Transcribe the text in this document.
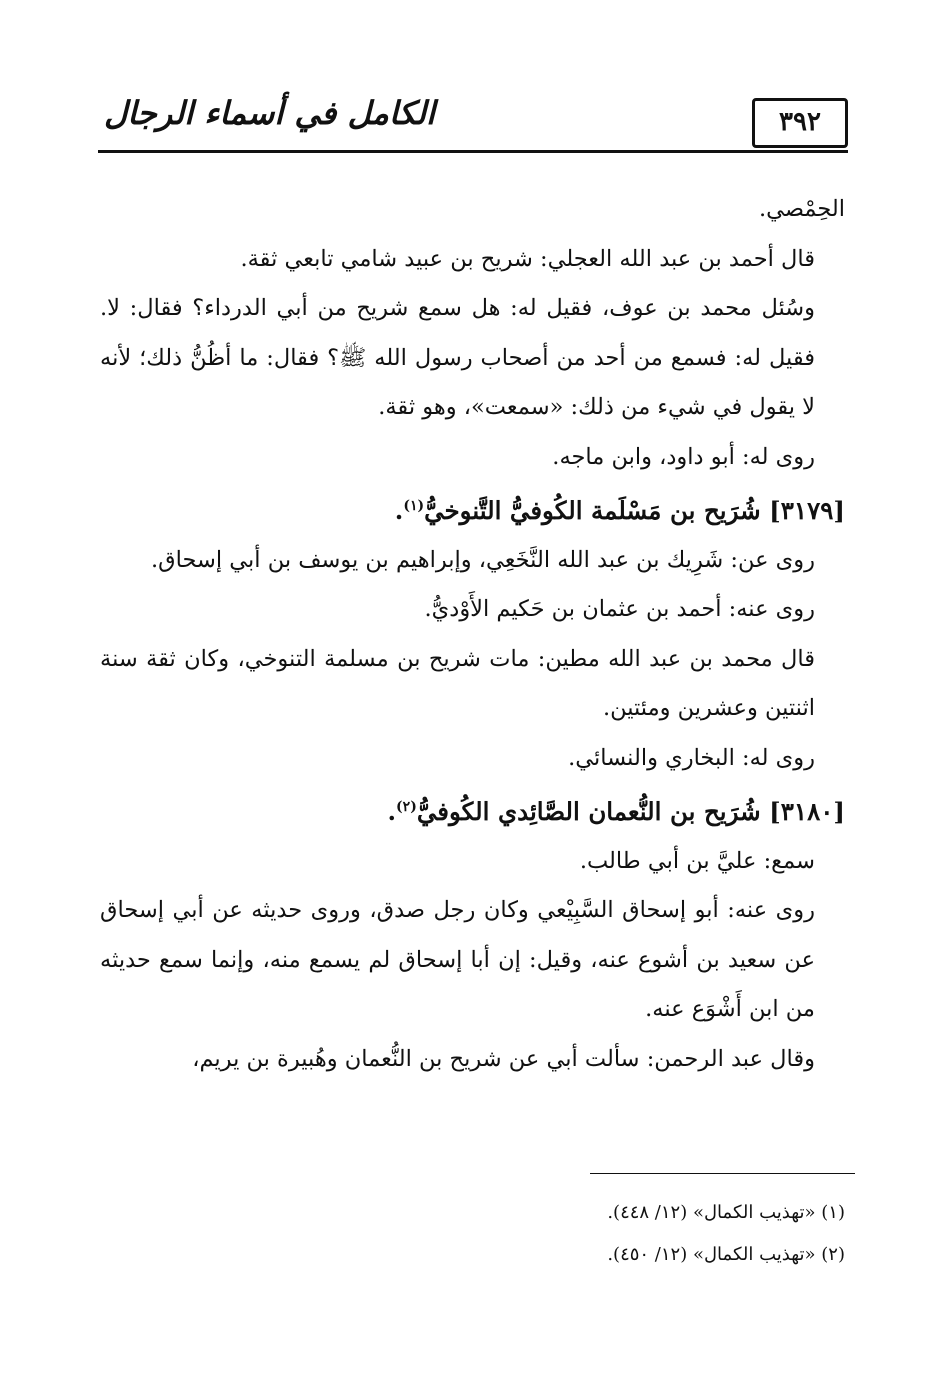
٣٩٢
الكامل في أسماء الرجال

الحِمْصي.

قال أحمد بن عبد الله العجلي: شريح بن عبيد شامي تابعي ثقة.

وسُئل محمد بن عوف، فقيل له: هل سمع شريح من أبي الدرداء؟ فقال: لا. فقيل له: فسمع من أحد من أصحاب رسول الله ﷺ؟ فقال: ما أظُنُّ ذلك؛ لأنه لا يقول في شيء من ذلك: «سمعت»، وهو ثقة.

روى له: أبو داود، وابن ماجه.

[٣١٧٩] شُرَيح بن مَسْلَمة الكُوفيُّ التَّنوخيُّ$^{(١)}$.

روى عن: شَرِيك بن عبد الله النَّخَعِي، وإبراهيم بن يوسف بن أبي إسحاق.

روى عنه: أحمد بن عثمان بن حَكيم الأَوْديُّ.

قال محمد بن عبد الله مطين: مات شريح بن مسلمة التنوخي، وكان ثقة سنة اثنتين وعشرين ومئتين.

روى له: البخاري والنسائي.

[٣١٨٠] شُرَيح بن النُّعمان الصَّائِدي الكُوفيُّ$^{(٢)}$.

سمع: عليَّ بن أبي طالب.

روى عنه: أبو إسحاق السَّبِيْعي وكان رجل صدق، وروى حديثه عن أبي إسحاق عن سعيد بن أشوع عنه، وقيل: إن أبا إسحاق لم يسمع منه، وإنما سمع حديثه من ابن أَشْوَع عنه.

وقال عبد الرحمن: سألت أبي عن شريح بن النُّعمان وهُبيرة بن يريم،

(١) «تهذيب الكمال» (١٢/ ٤٤٨).

(٢) «تهذيب الكمال» (١٢/ ٤٥٠).
